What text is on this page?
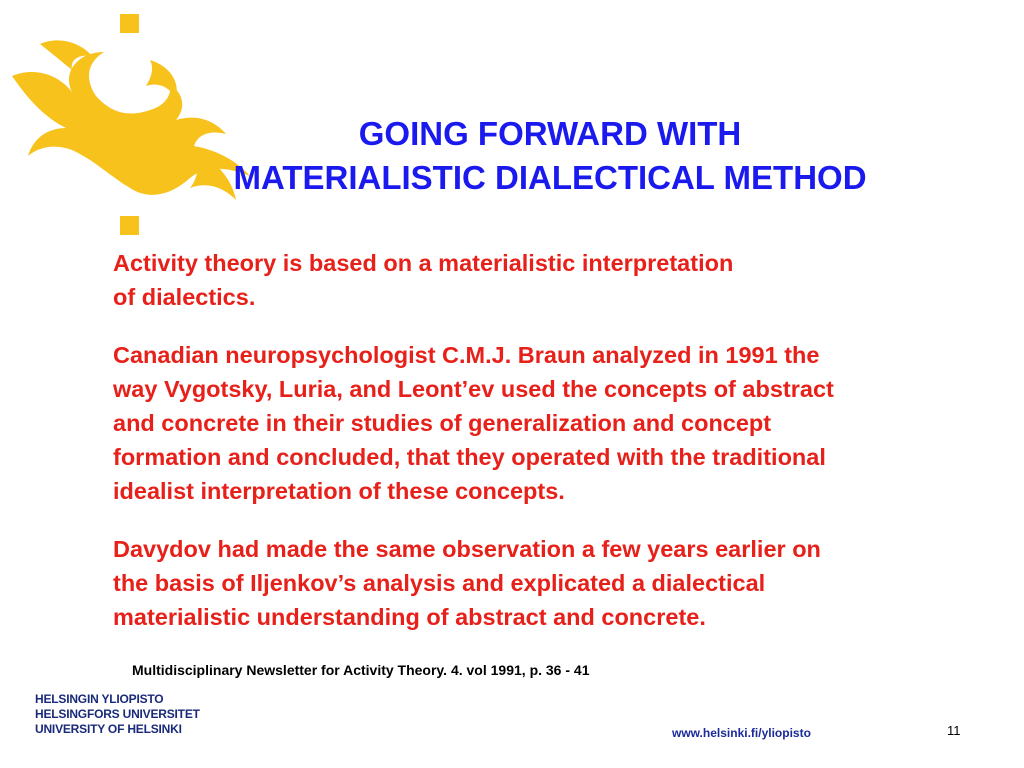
GOING FORWARD WITH
MATERIALISTIC DIALECTICAL METHOD

Activity theory is based on a materialistic interpretation
of dialectics.

Canadian neuropsychologist C.M.J. Braun analyzed in 1991 the
way Vygotsky, Luria, and Leont’ev used the concepts of abstract
and concrete in their studies of generalization and concept
formation and concluded, that they operated with the traditional
idealist interpretation of these concepts.

Davydov had made the same observation a few years earlier on
the basis of Iljenkov’s analysis and explicated a dialectical
materialistic understanding of abstract and concrete.

Multidisciplinary Newsletter for Activity Theory. 4. vol 1991, p. 36 - 41
HELSINGIN YLIOPISTO
HELSINGFORS UNIVERSITET
UNIVERSITY OF HELSINKI	www.helsinki.fi/yliopisto	11
